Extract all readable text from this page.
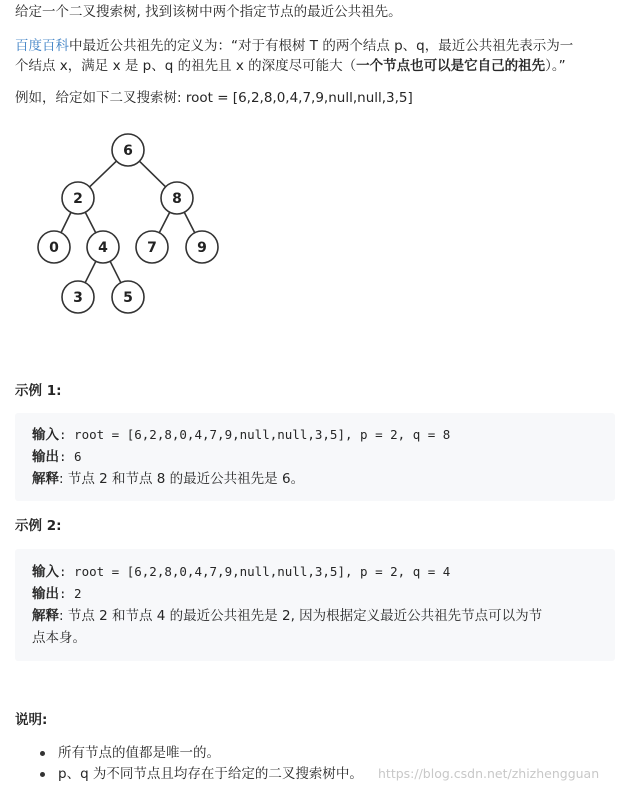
给定一个二叉搜索树, 找到该树中两个指定节点的最近公共祖先。
百度百科中最近公共祖先的定义为：“对于有根树 T 的两个结点 p、q，最近公共祖先表示为一
个结点 x，满足 x 是 p、q 的祖先且 x 的深度尽可能大（一个节点也可以是它自己的祖先）。”
例如，给定如下二叉搜索树: root = [6,2,8,0,4,7,9,null,null,3,5]
6
2	8
0	4	7	9
3	5
示例 1:
输入: root = [6,2,8,0,4,7,9,null,null,3,5], p = 2, q = 8
输出: 6
解释: 节点 2 和节点 8 的最近公共祖先是 6。
示例 2:
输入: root = [6,2,8,0,4,7,9,null,null,3,5], p = 2, q = 4
输出: 2
解释: 节点 2 和节点 4 的最近公共祖先是 2, 因为根据定义最近公共祖先节点可以为节
点本身。
说明:
所有节点的值都是唯一的。
p、q 为不同节点且均存在于给定的二叉搜索树中。 https://blog.csdn.net/zhizhengguan
